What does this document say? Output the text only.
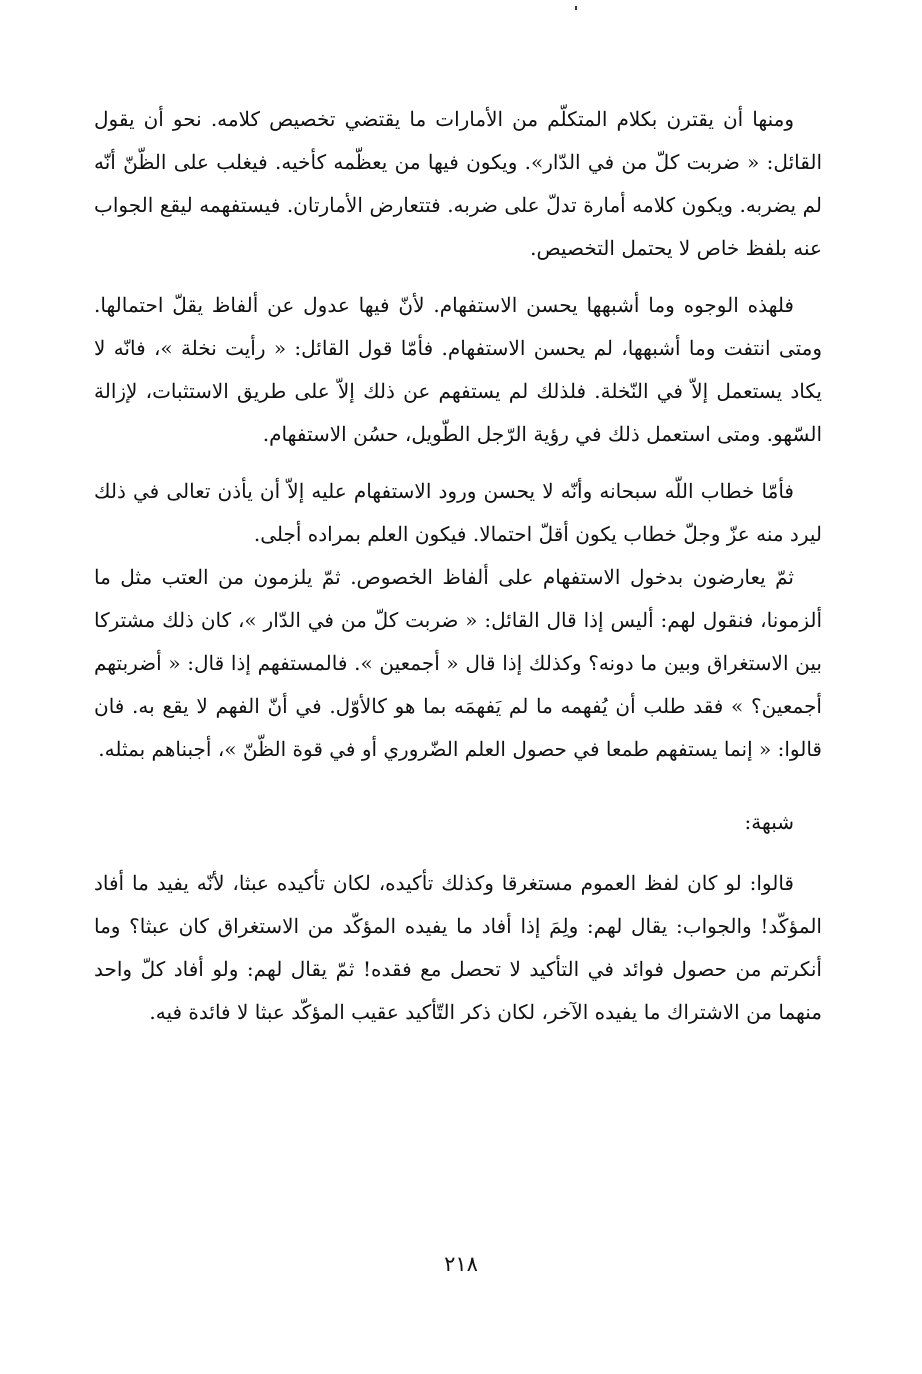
ومنها أن يقترن بكلام المتكلّم من الأمارات ما يقتضي تخصيص كلامه. نحو أن يقول القائل: « ضربت كلّ من في الدّار». ويكون فيها من يعظّمه كأخيه. فيغلب على الظّنّ أنّه لم يضربه. ويكون كلامه أمارة تدلّ على ضربه. فتتعارض الأمارتان. فيستفهمه ليقع الجواب عنه بلفظ خاص لا يحتمل التخصيص.

فلهذه الوجوه وما أشبهها يحسن الاستفهام. لأنّ فيها عدول عن ألفاظ يقلّ احتمالها. ومتى انتفت وما أشبهها، لم يحسن الاستفهام. فأمّا قول القائل: « رأيت نخلة »، فانّه لا يكاد يستعمل إلاّ في النّخلة. فلذلك لم يستفهم عن ذلك إلاّ على طريق الاستثبات، لإزالة السّهو. ومتى استعمل ذلك في رؤية الرّجل الطّويل، حسُن الاستفهام.

فأمّا خطاب اللّه سبحانه وأنّه لا يحسن ورود الاستفهام عليه إلاّ أن يأذن تعالى في ذلك ليرد منه عزّ وجلّ خطاب يكون أقلّ احتمالا. فيكون العلم بمراده أجلى.

ثمّ يعارضون بدخول الاستفهام على ألفاظ الخصوص. ثمّ يلزمون من العتب مثل ما ألزمونا، فنقول لهم: أليس إذا قال القائل: « ضربت كلّ من في الدّار »، كان ذلك مشتركا بين الاستغراق وبين ما دونه؟ وكذلك إذا قال « أجمعين ». فالمستفهم إذا قال: « أضربتهم أجمعين؟ » فقد طلب أن يُفهمه ما لم يَفهمَه بما هو كالأوّل. في أنّ الفهم لا يقع به. فان قالوا: « إنما يستفهم طمعا في حصول العلم الضّروري أو في قوة الظّنّ »، أجبناهم بمثله.

شبهة:

قالوا: لو كان لفظ العموم مستغرقا وكذلك تأكيده، لكان تأكيده عبثا، لأنّه يفيد ما أفاد المؤكّد! والجواب: يقال لهم: ولِمَ إذا أفاد ما يفيده المؤكّد من الاستغراق كان عبثا؟ وما أنكرتم من حصول فوائد في التأكيد لا تحصل مع فقده! ثمّ يقال لهم: ولو أفاد كلّ واحد منهما من الاشتراك ما يفيده الآخر، لكان ذكر التّأكيد عقيب المؤكّد عبثا لا فائدة فيه.

٢١٨
